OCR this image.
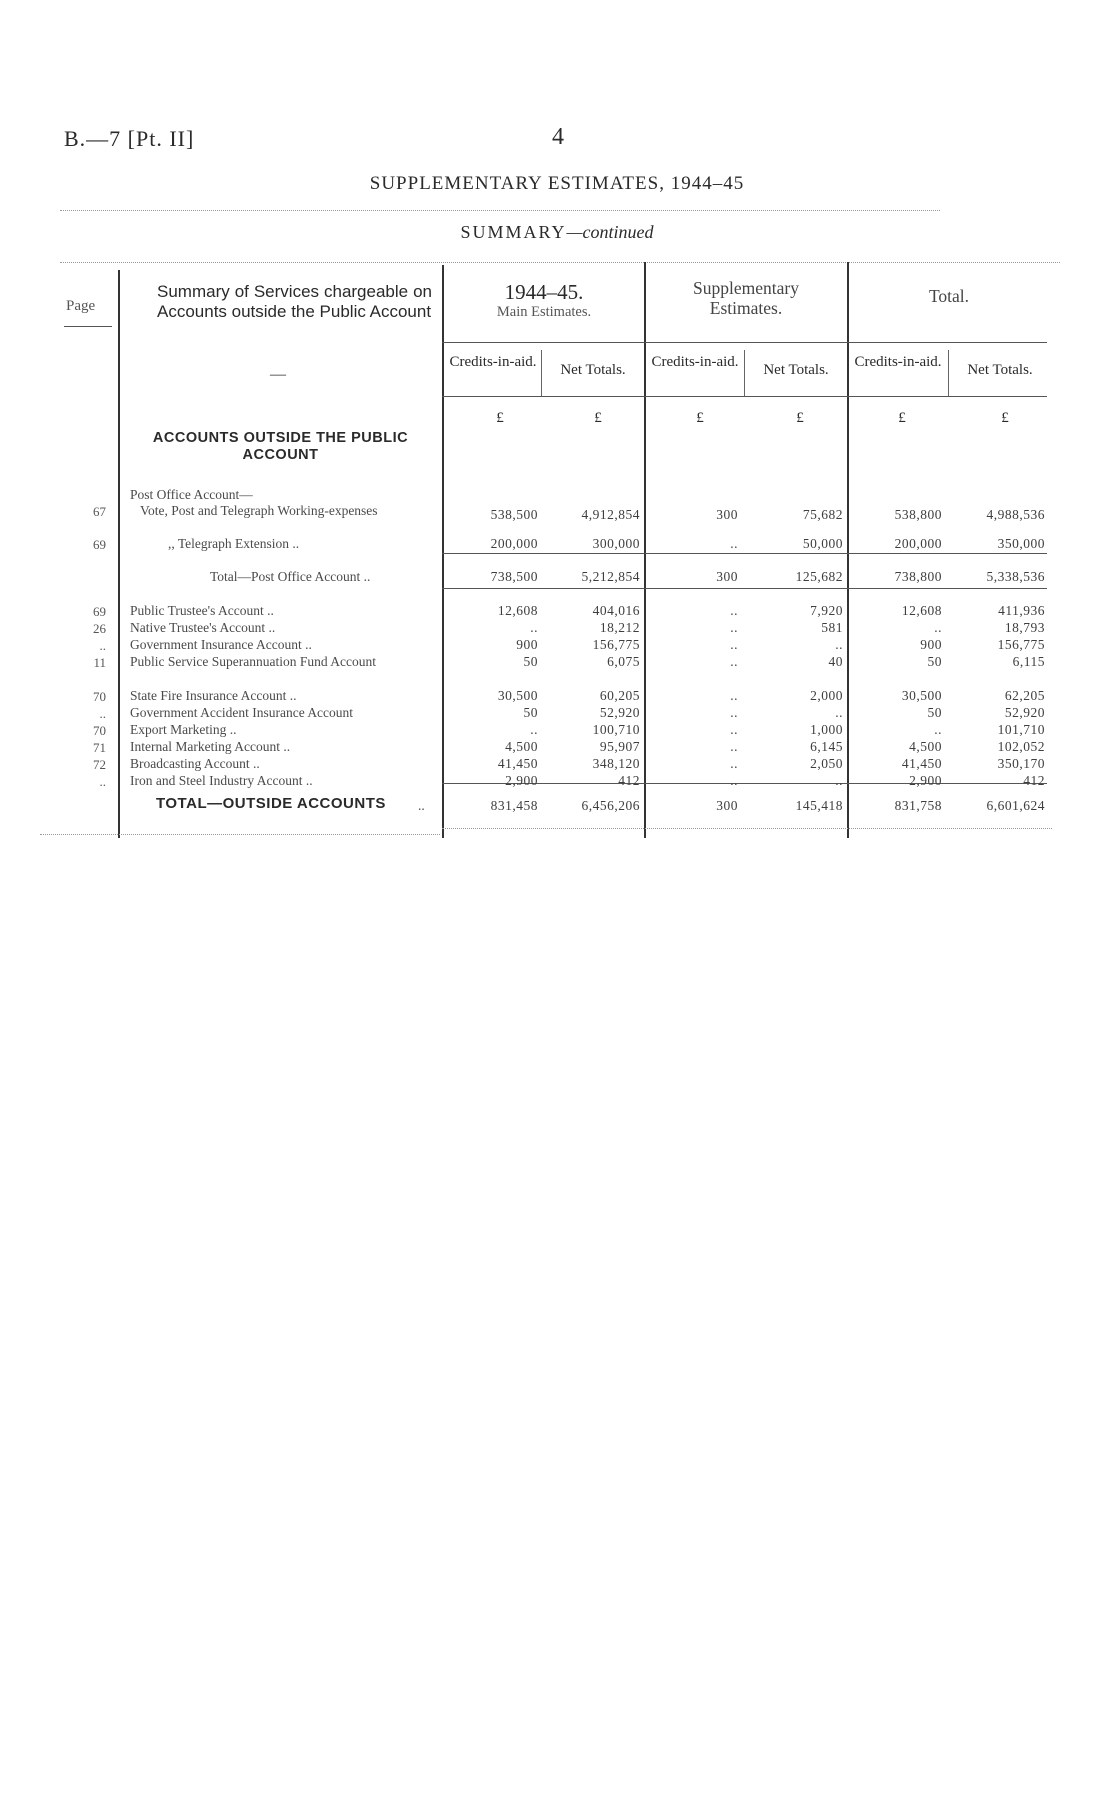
B.—7 [Pt. II]	4
SUPPLEMENTARY ESTIMATES, 1944–45
SUMMARY—continued
Page
Summary of Services chargeable on Accounts outside the Public Account
—
1944–45.
Main Estimates.
Supplementary
Estimates.
Total.
Credits-in-aid.	Net Totals.	Credits-in-aid.	Net Totals.	Credits-in-aid.	Net Totals.
£	£	£	£	£	£
ACCOUNTS OUTSIDE THE PUBLIC ACCOUNT
Post Office Account—
67	Vote, Post and Telegraph Working-expenses	538,500	4,912,854	300	75,682	538,800	4,988,536
69	,, Telegraph Extension ..	200,000	300,000	..	50,000	200,000	350,000
Total—Post Office Account ..	738,500	5,212,854	300	125,682	738,800	5,338,536
69 Public Trustee's Account ..	12,608	404,016	..	7,920	12,608	411,936
26 Native Trustee's Account ..	..	18,212	..	581	..	18,793
.. Government Insurance Account ..	900	156,775	..	..	900	156,775
11 Public Service Superannuation Fund Account	50	6,075	..	40	50	6,115
70 State Fire Insurance Account ..	30,500	60,205	..	2,000	30,500	62,205
.. Government Accident Insurance Account	50	52,920	..	..	50	52,920
70 Export Marketing ..	..	100,710	..	1,000	..	101,710
71 Internal Marketing Account ..	4,500	95,907	..	6,145	4,500	102,052
72 Broadcasting Account ..	41,450	348,120	..	2,050	41,450	350,170
.. Iron and Steel Industry Account ..	2,900	412	..	..	2,900	412
TOTAL—OUTSIDE ACCOUNTS ..	831,458	6,456,206	300	145,418	831,758	6,601,624
